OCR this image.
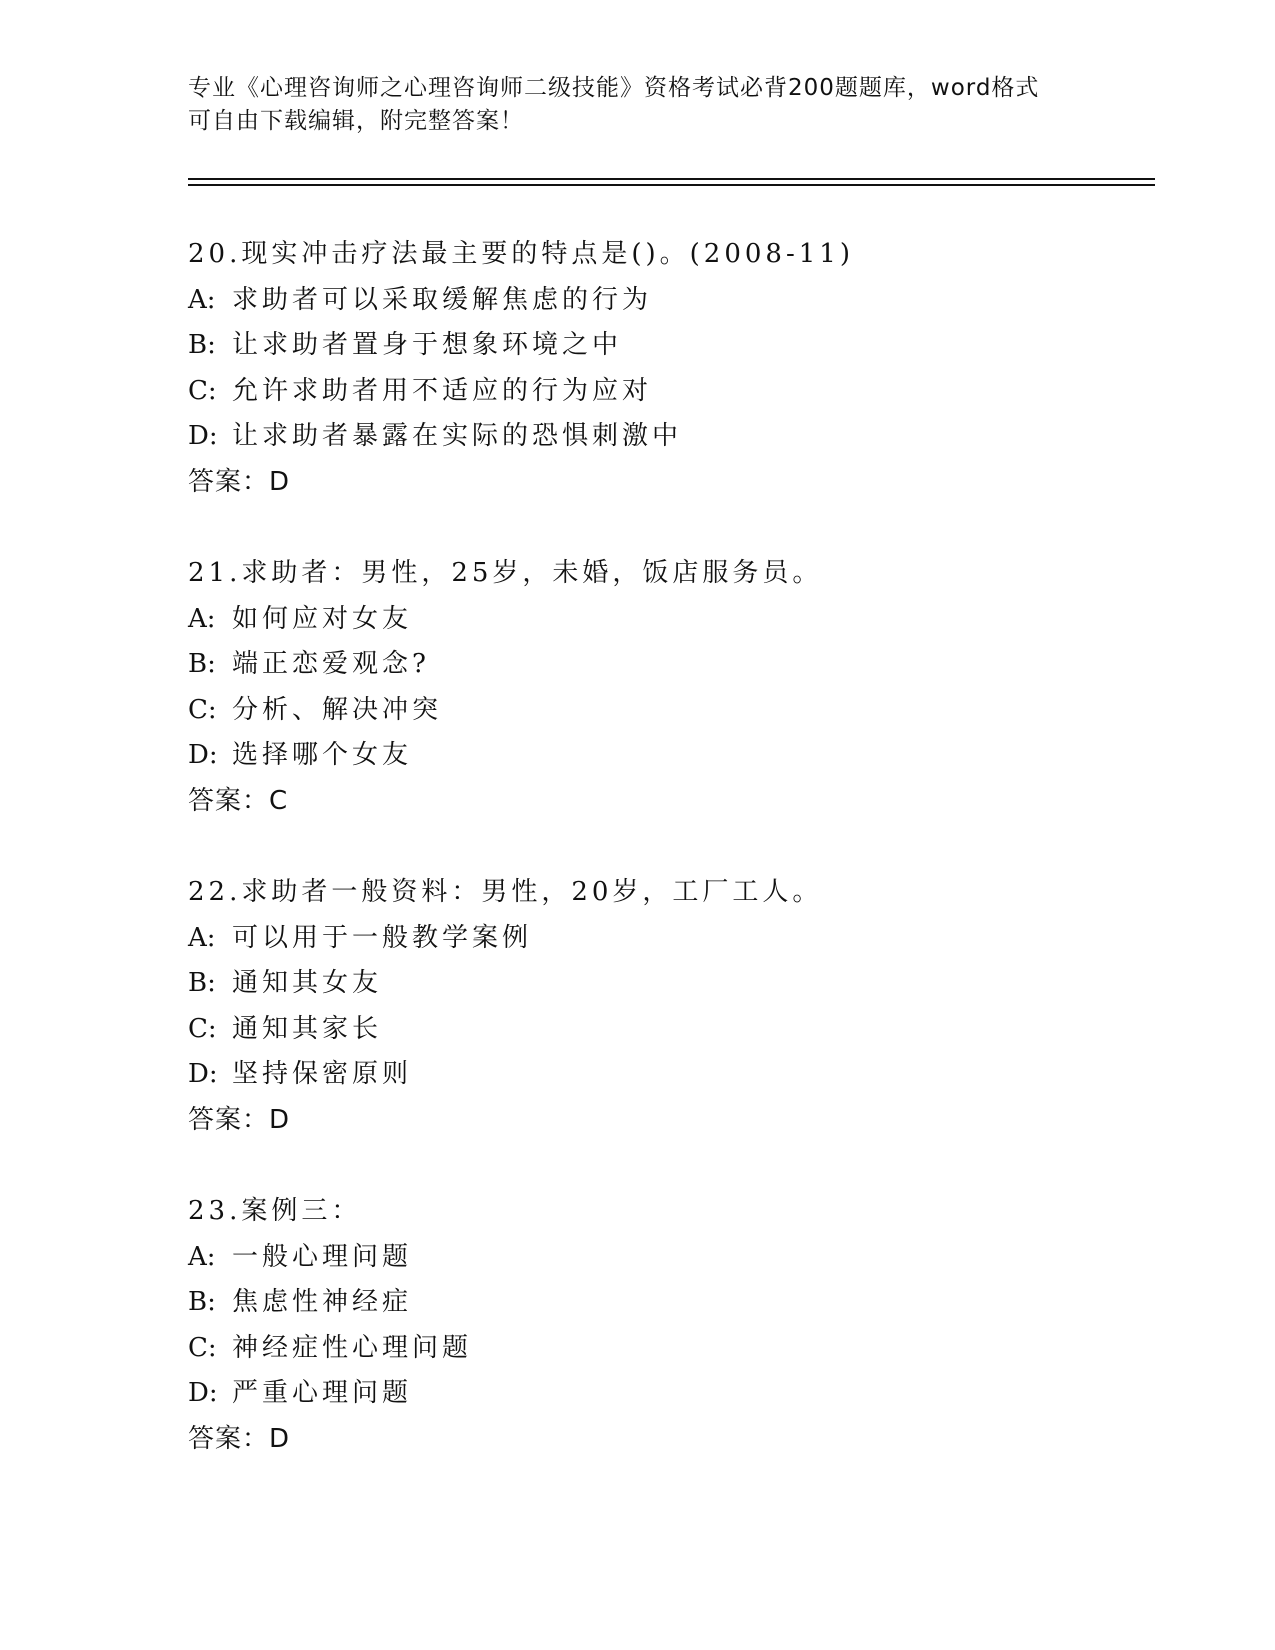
专业《心理咨询师之心理咨询师二级技能》资格考试必背200题题库，word格式
可自由下载编辑，附完整答案！
20.现实冲击疗法最主要的特点是()。(2008-11)
A: 求助者可以采取缓解焦虑的行为
B: 让求助者置身于想象环境之中
C: 允许求助者用不适应的行为应对
D: 让求助者暴露在实际的恐惧刺激中
答案：D
21.求助者：男性，25岁，未婚，饭店服务员。
A: 如何应对女友
B: 端正恋爱观念?
C: 分析、解决冲突
D: 选择哪个女友
答案：C
22.求助者一般资料：男性，20岁，工厂工人。
A: 可以用于一般教学案例
B: 通知其女友
C: 通知其家长
D: 坚持保密原则
答案：D
23.案例三：
A: 一般心理问题
B: 焦虑性神经症
C: 神经症性心理问题
D: 严重心理问题
答案：D
